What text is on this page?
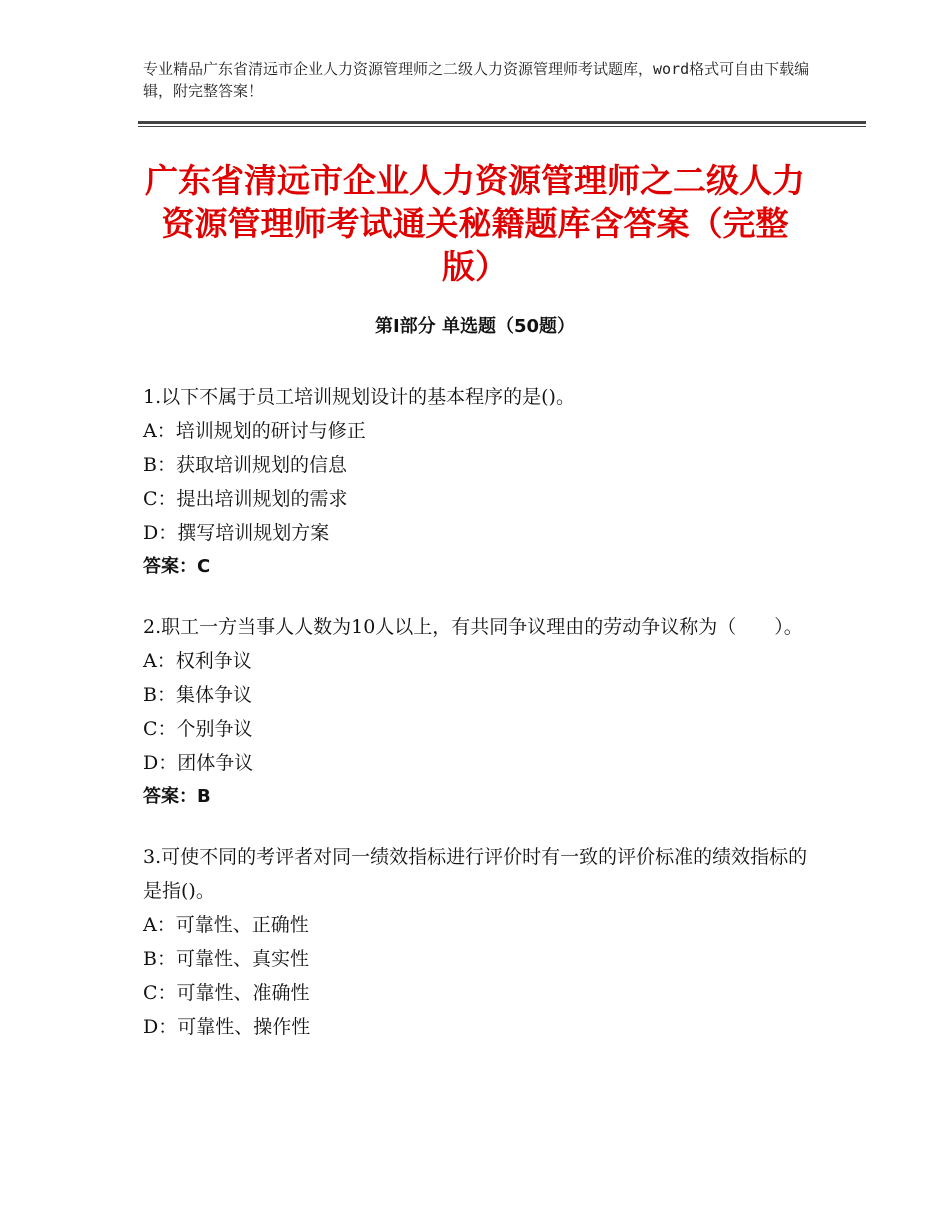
专业精品广东省清远市企业人力资源管理师之二级人力资源管理师考试题库，word格式可自由下载编辑，附完整答案！
广东省清远市企业人力资源管理师之二级人力资源管理师考试通关秘籍题库含答案（完整版）
第Ⅰ部分 单选题（50题）

1.以下不属于员工培训规划设计的基本程序的是()。

A：培训规划的研讨与修正

B：获取培训规划的信息

C：提出培训规划的需求

D：撰写培训规划方案

答案：C

2.职工一方当事人人数为10人以上，有共同争议理由的劳动争议称为（　　）。

A：权利争议

B：集体争议

C：个别争议

D：团体争议

答案：B

3.可使不同的考评者对同一绩效指标进行评价时有一致的评价标准的绩效指标的是指()。

A：可靠性、正确性

B：可靠性、真实性

C：可靠性、准确性

D：可靠性、操作性
